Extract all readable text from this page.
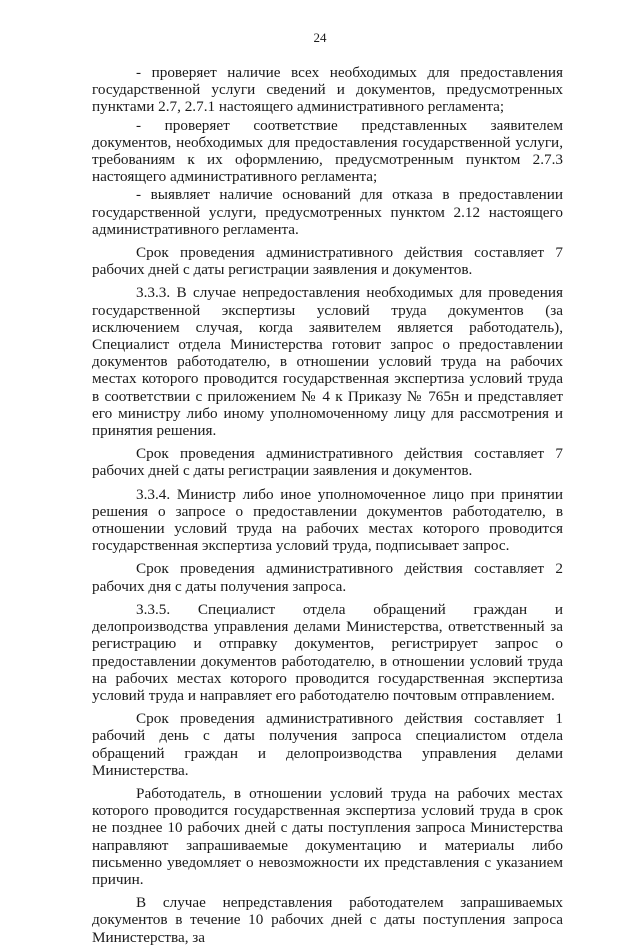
24

- проверяет наличие всех необходимых для предоставления государственной услуги сведений и документов, предусмотренных пунктами 2.7, 2.7.1 настоящего административного регламента;

- проверяет соответствие представленных заявителем документов, необходимых для предоставления государственной услуги, требованиям к их оформлению, предусмотренным пунктом 2.7.3 настоящего административного регламента;

- выявляет наличие оснований для отказа в предоставлении государственной услуги, предусмотренных пунктом 2.12 настоящего административного регламента.

Срок проведения административного действия составляет 7 рабочих дней с даты регистрации заявления и документов.

3.3.3. В случае непредоставления необходимых для проведения государственной экспертизы условий труда документов (за исключением случая, когда заявителем является работодатель), Специалист отдела Министерства готовит запрос о предоставлении документов работодателю, в отношении условий труда на рабочих местах которого проводится государственная экспертиза условий труда в соответствии с приложением № 4 к Приказу № 765н и представляет его министру либо иному уполномоченному лицу для рассмотрения и принятия решения.

Срок проведения административного действия составляет 7 рабочих дней с даты регистрации заявления и документов.

3.3.4. Министр либо иное уполномоченное лицо при принятии решения о запросе о предоставлении документов работодателю, в отношении условий труда на рабочих местах которого проводится государственная экспертиза условий труда, подписывает запрос.

Срок проведения административного действия составляет 2 рабочих дня с даты получения запроса.

3.3.5. Специалист отдела обращений граждан и делопроизводства управления делами Министерства, ответственный за регистрацию и отправку документов, регистрирует запрос о предоставлении документов работодателю, в отношении условий труда на рабочих местах которого проводится государственная экспертиза условий труда и направляет его работодателю почтовым отправлением.

Срок проведения административного действия составляет 1 рабочий день с даты получения запроса специалистом отдела обращений граждан и делопроизводства управления делами Министерства.

Работодатель, в отношении условий труда на рабочих местах которого проводится государственная экспертиза условий труда в срок не позднее 10 рабочих дней с даты поступления запроса Министерства направляют запрашиваемые документацию и материалы либо письменно уведомляет о невозможности их представления с указанием причин.

В случае непредставления работодателем запрашиваемых документов в течение 10 рабочих дней с даты поступления запроса Министерства, за
